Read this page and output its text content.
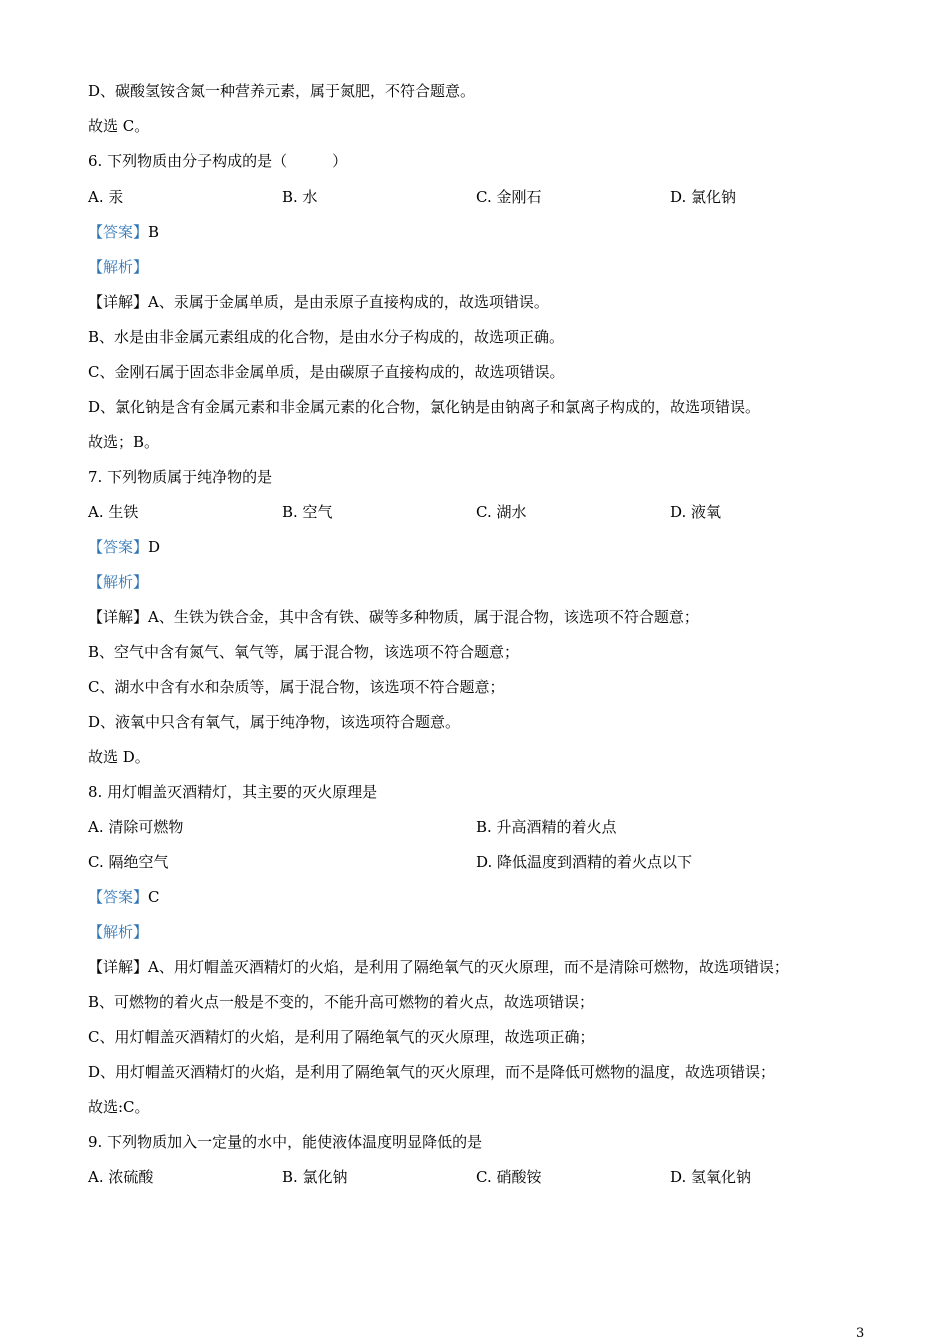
D、碳酸氢铵含氮一种营养元素，属于氮肥，不符合题意。
故选 C。
6. 下列物质由分子构成的是（　　　）
A. 汞	B. 水	C. 金刚石	D. 氯化钠
【答案】B
【解析】
【详解】A、汞属于金属单质，是由汞原子直接构成的，故选项错误。
B、水是由非金属元素组成的化合物，是由水分子构成的，故选项正确。
C、金刚石属于固态非金属单质，是由碳原子直接构成的，故选项错误。
D、氯化钠是含有金属元素和非金属元素的化合物，氯化钠是由钠离子和氯离子构成的，故选项错误。
故选；B。
7. 下列物质属于纯净物的是
A. 生铁	B. 空气	C. 湖水	D. 液氧
【答案】D
【解析】
【详解】A、生铁为铁合金，其中含有铁、碳等多种物质，属于混合物，该选项不符合题意；
B、空气中含有氮气、氧气等，属于混合物，该选项不符合题意；
C、湖水中含有水和杂质等，属于混合物，该选项不符合题意；
D、液氧中只含有氧气，属于纯净物，该选项符合题意。
故选 D。
8. 用灯帽盖灭酒精灯，其主要的灭火原理是
A. 清除可燃物	B. 升高酒精的着火点
C. 隔绝空气	D. 降低温度到酒精的着火点以下
【答案】C
【解析】
【详解】A、用灯帽盖灭酒精灯的火焰，是利用了隔绝氧气的灭火原理，而不是清除可燃物，故选项错误；
B、可燃物的着火点一般是不变的，不能升高可燃物的着火点，故选项错误；
C、用灯帽盖灭酒精灯的火焰，是利用了隔绝氧气的灭火原理，故选项正确；
D、用灯帽盖灭酒精灯的火焰，是利用了隔绝氧气的灭火原理，而不是降低可燃物的温度，故选项错误；
故选:C。
9. 下列物质加入一定量的水中，能使液体温度明显降低的是
A. 浓硫酸	B. 氯化钠	C. 硝酸铵	D. 氢氧化钠
3
